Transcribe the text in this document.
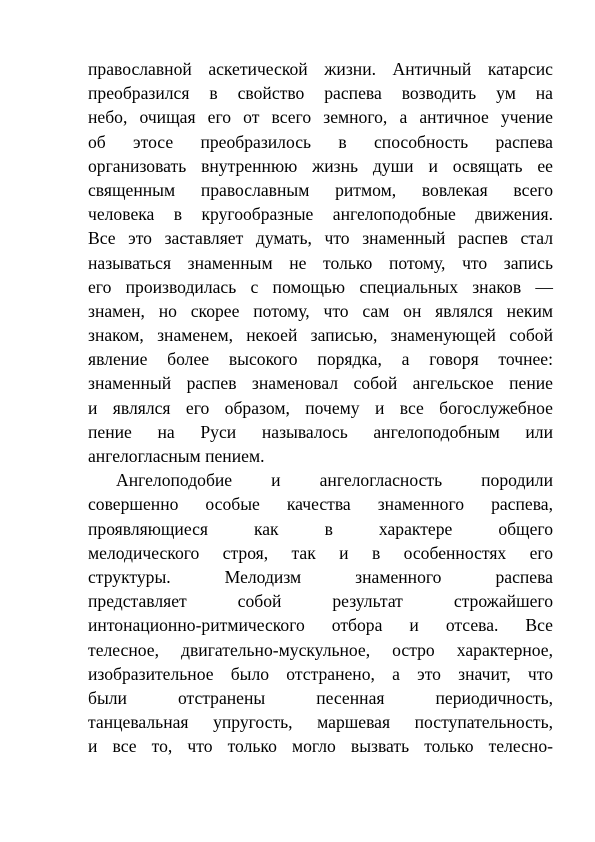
православной аскетической жизни. Античный катарсис
преобразился в свойство распева возводить ум на
небо, очищая его от всего земного, а античное учение
об этосе преобразилось в способность распева
организовать внутреннюю жизнь души и освящать ее
священным православным ритмом, вовлекая всего
человека в кругообразные ангелоподобные движения.
Все это заставляет думать, что знаменный распев стал
называться знаменным не только потому, что запись
его производилась с помощью специальных знаков —
знамен, но скорее потому, что сам он являлся неким
знаком, знаменем, некоей записью, знаменующей собой
явление более высокого порядка, а говоря точнее:
знаменный распев знаменовал собой ангельское пение
и являлся его образом, почему и все богослужебное
пение на Руси называлось ангелоподобным или
ангелогласным пением.
Ангелоподобие и ангелогласность породили
совершенно особые качества знаменного распева,
проявляющиеся как в характере общего
мелодического строя, так и в особенностях его
структуры. Мелодизм знаменного распева
представляет собой результат строжайшего
интонационно-ритмического отбора и отсева. Все
телесное, двигательно-мускульное, остро характерное,
изобразительное было отстранено, а это значит, что
были отстранены песенная периодичность,
танцевальная упругость, маршевая поступательность,
и все то, что только могло вызвать только телесно-
